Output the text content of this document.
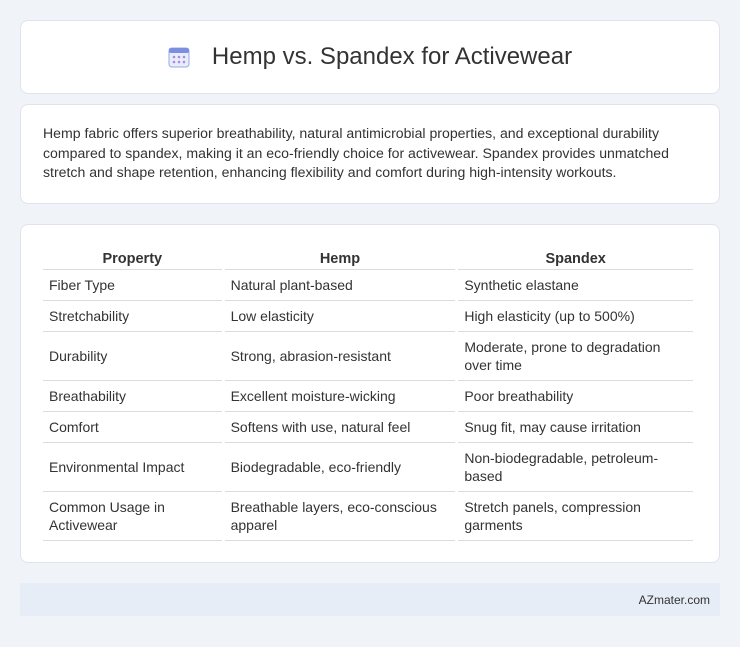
Hemp vs. Spandex for Activewear

Hemp fabric offers superior breathability, natural antimicrobial properties, and exceptional durability compared to spandex, making it an eco-friendly choice for activewear. Spandex provides unmatched stretch and shape retention, enhancing flexibility and comfort during high-intensity workouts.

Property	Hemp	Spandex
Fiber Type	Natural plant-based	Synthetic elastane
Stretchability	Low elasticity	High elasticity (up to 500%)
Durability	Strong, abrasion-resistant	Moderate, prone to degradation over time
Breathability	Excellent moisture-wicking	Poor breathability
Comfort	Softens with use, natural feel	Snug fit, may cause irritation
Environmental Impact	Biodegradable, eco-friendly	Non-biodegradable, petroleum-based
Common Usage in Activewear	Breathable layers, eco-conscious apparel	Stretch panels, compression garments
AZmater.com
